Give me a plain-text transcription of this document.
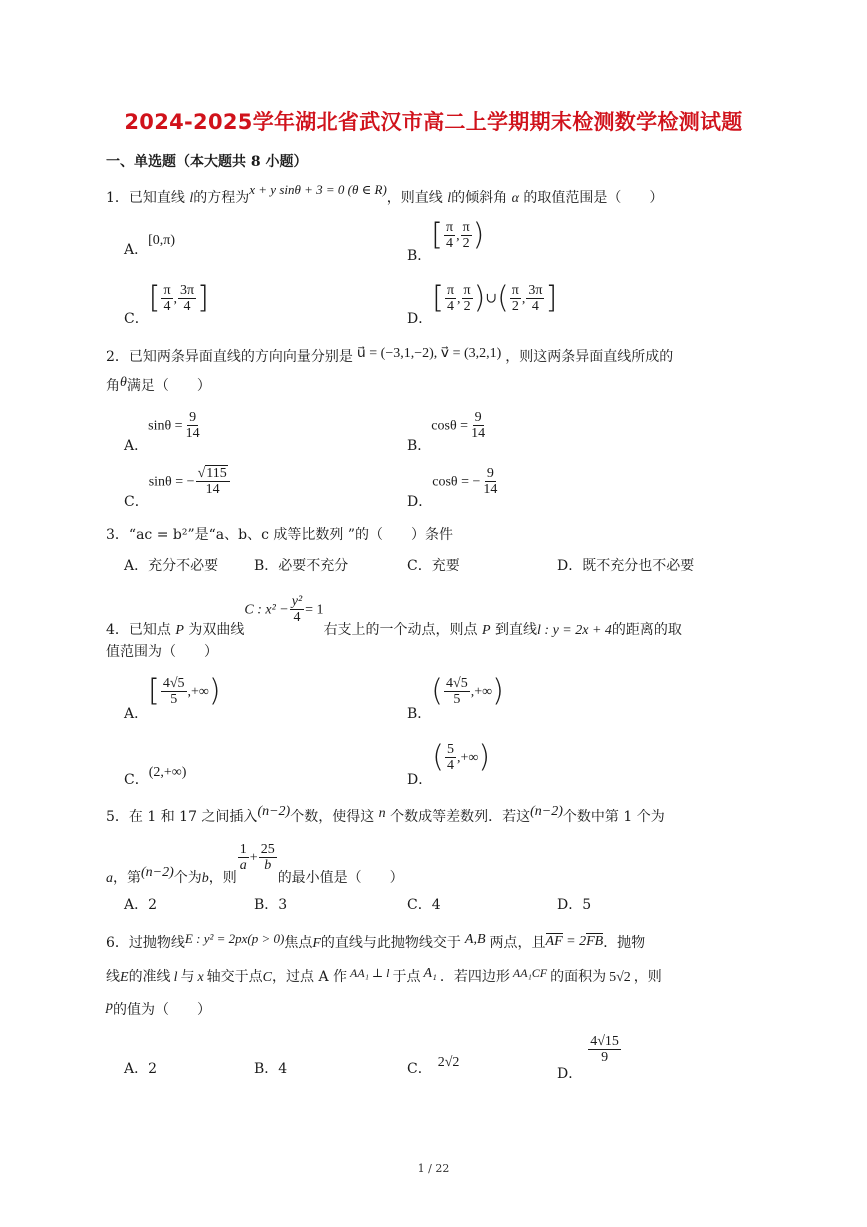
2024-2025学年湖北省武汉市高二上学期期末检测数学检测试题
一、单选题（本大题共 8 小题）
1．已知直线 l的方程为x + y sinθ + 3 = 0 (θ ∈ R)，则直线 l的倾斜角 α 的取值范围是（　　）
A．[0,π)
B．[ $\frac{\pi}{4}$ , $\frac{\pi}{2}$ )
C．[ $\frac{\pi}{4}$ , $\frac{3\pi}{4}$ ]
D．[ $\frac{\pi}{4}$ , $\frac{\pi}{2}$ )∪( $\frac{\pi}{2}$ , $\frac{3\pi}{4}$ ]
2．已知两条异面直线的方向向量分别是 u⃗ = (−3,1,−2), v⃗ = (3,2,1) ，则这两条异面直线所成的
角θ满足（　　）
A．$\sin\theta = \frac{9}{14}$
B．$\cos\theta = \frac{9}{14}$
C．sinθ = − $\frac{√115}{14}$
D．cosθ = − $\frac{9}{14}$
3．“ac = b²”是“a、b、c 成等比数列 ”的（　　）条件
A．充分不必要	B．必要不充分	C．充要	D．既不充分也不必要
4．已知点 P 为双曲线C : $x^2 - \frac{\text{y²}}{4} = 1$右支上的一个动点，则点 P 到直线l : y = 2x + 4的距离的取
值范围为（　　）
A．[ $\frac{4√5}{5}$ ,+∞)
B．( $\frac{4√5}{5}$ ,+∞)
C．(2,+∞)	D．( $\frac{5}{4}$ ,+∞)
5．在 1 和 17 之间插入(n−2)个数，使得这 n 个数成等差数列．若这(n−2)个数中第 1 个为
a，第(n−2)个为b，则
$\frac{1}{a} + \frac{25}{b}$
的最小值是（　　）
A．2	B．3	C．4	D．5
6．过抛物线E : y² = 2px(p > 0)焦点F的直线与此抛物线交于 A,B 两点，且AF = 2FB．抛物
线E的准线 l 与 x 轴交于点C，过点 A 作 AA₁ ⊥ l 于点 A₁ ．若四边形 AA₁CF 的面积为 5√2 ，则
p的值为（　　）
A．2	B．4	C． 2√2
D．
$\frac{4√15}{9}$
1 / 22
